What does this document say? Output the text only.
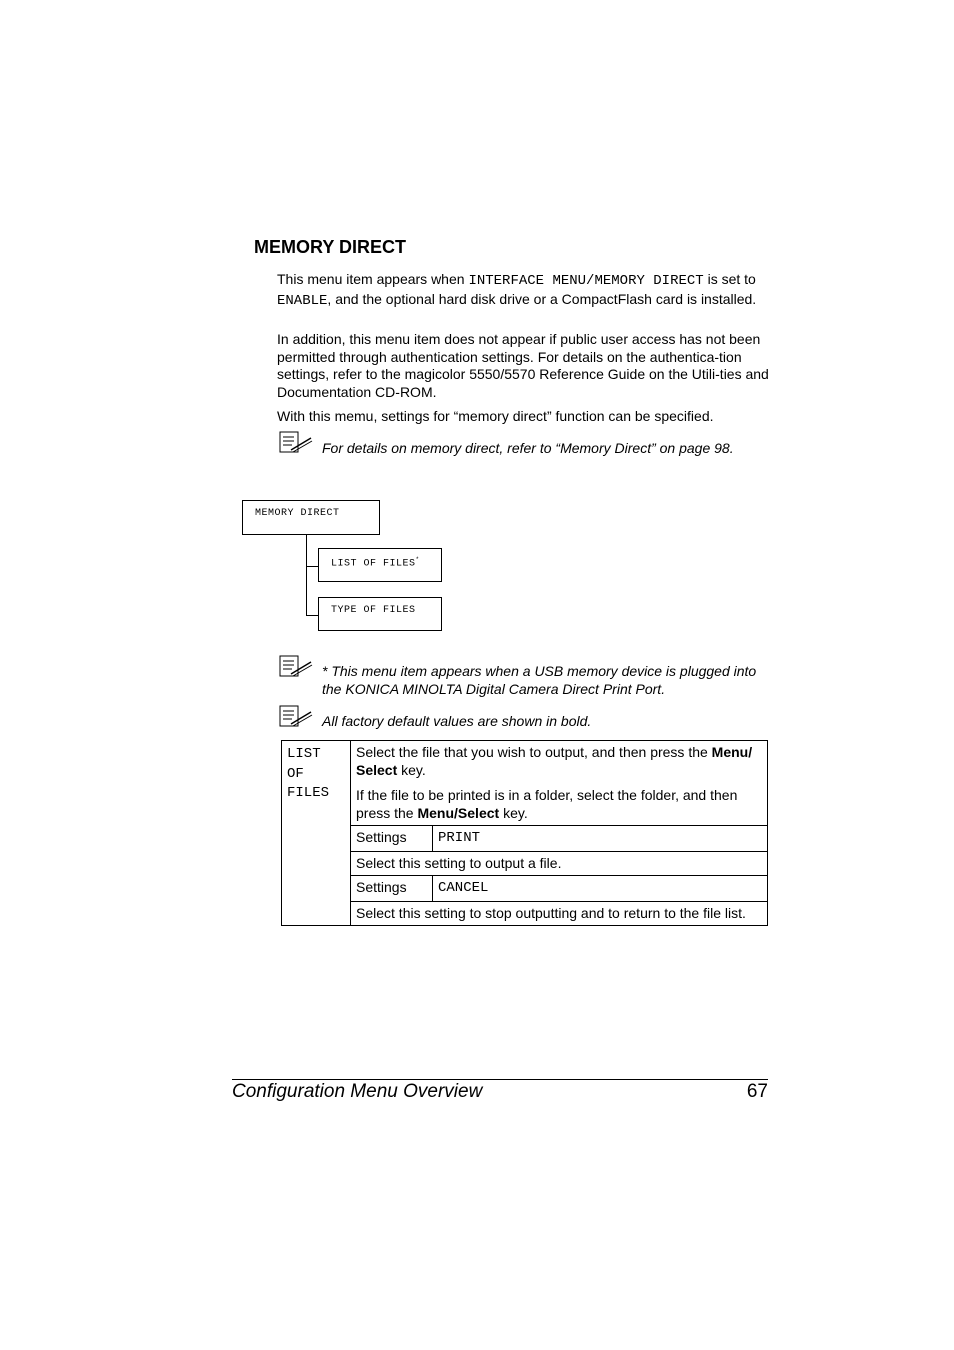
MEMORY DIRECT

This menu item appears when INTERFACE MENU/MEMORY DIRECT is set to ENABLE, and the optional hard disk drive or a CompactFlash card is installed.

In addition, this menu item does not appear if public user access has not been permitted through authentication settings. For details on the authentica-tion settings, refer to the magicolor 5550/5570 Reference Guide on the Utili-ties and Documentation CD-ROM.

With this memu, settings for “memory direct” function can be specified.

For details on memory direct, refer to “Memory Direct” on page 98.

MEMORY DIRECT
LIST OF FILES*
TYPE OF FILES

* This menu item appears when a USB memory device is plugged into the KONICA MINOLTA Digital Camera Direct Print Port.

All factory default values are shown in bold.

LIST OF FILES	Select the file that you wish to output, and then press the Menu/ Select key.

If the file to be printed is in a folder, select the folder, and then press the Menu/Select key.	

	Settings	PRINT
	Select this setting to output a file.	
	Settings	CANCEL
	Select this setting to stop outputting and to return to the file list.	
Configuration Menu Overview	67
